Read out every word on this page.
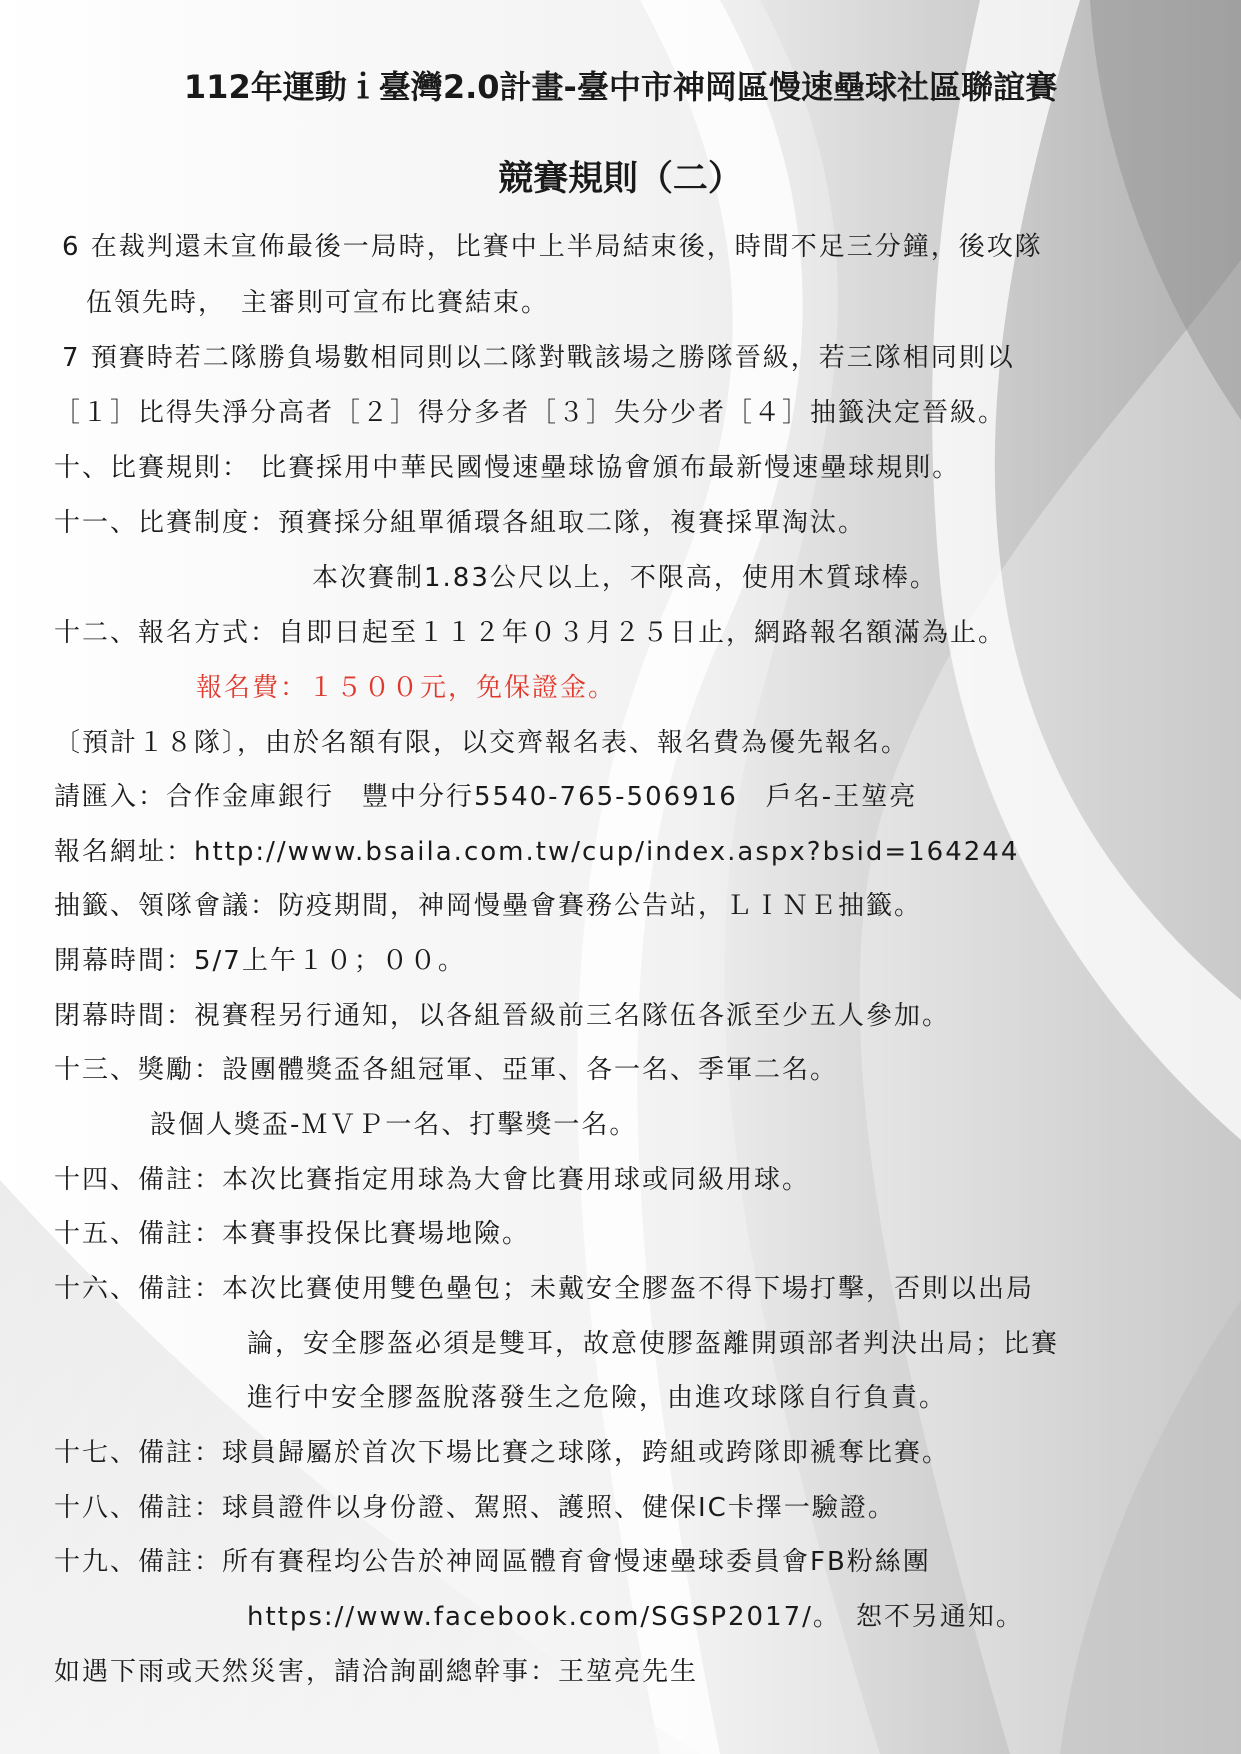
112年運動ｉ臺灣2.0計畫-臺中市神岡區慢速壘球社區聯誼賽
競賽規則（二）
6 在裁判還未宣佈最後一局時，比賽中上半局結束後，時間不足三分鐘，後攻隊
伍領先時，　主審則可宣布比賽結束。
7 預賽時若二隊勝負場數相同則以二隊對戰該場之勝隊晉級，若三隊相同則以
［１］比得失淨分高者［２］得分多者［３］失分少者［４］抽籤決定晉級。
十、比賽規則： 比賽採用中華民國慢速壘球協會頒布最新慢速壘球規則。
十一、比賽制度：預賽採分組單循環各組取二隊，複賽採單淘汰。
本次賽制1.83公尺以上，不限高，使用木質球棒。
十二、報名方式：自即日起至１１２年０３月２５日止，網路報名額滿為止。
報名費：１５００元，免保證金。
〔預計１８隊〕，由於名額有限，以交齊報名表、報名費為優先報名。
請匯入：合作金庫銀行　豐中分行5540-765-506916　戶名-王堃亮
報名網址：http://www.bsaila.com.tw/cup/index.aspx?bsid=164244
抽籤、領隊會議：防疫期間，神岡慢壘會賽務公告站，ＬＩＮＥ抽籤。
開幕時間：5/7上午１０；００。
閉幕時間：視賽程另行通知，以各組晉級前三名隊伍各派至少五人參加。
十三、獎勵：設團體獎盃各組冠軍、亞軍、各一名、季軍二名。
設個人獎盃-ＭＶＰ一名、打擊獎一名。
十四、備註：本次比賽指定用球為大會比賽用球或同級用球。
十五、備註：本賽事投保比賽場地險。
十六、備註：本次比賽使用雙色壘包；未戴安全膠盔不得下場打擊，否則以出局
論，安全膠盔必須是雙耳，故意使膠盔離開頭部者判決出局；比賽
進行中安全膠盔脫落發生之危險，由進攻球隊自行負責。
十七、備註：球員歸屬於首次下場比賽之球隊，跨組或跨隊即褫奪比賽。
十八、備註：球員證件以身份證、駕照、護照、健保IC卡擇一驗證。
十九、備註：所有賽程均公告於神岡區體育會慢速壘球委員會FB粉絲團
https://www.facebook.com/SGSP2017/。　恕不另通知。
如遇下雨或天然災害，請洽詢副總幹事：王堃亮先生
